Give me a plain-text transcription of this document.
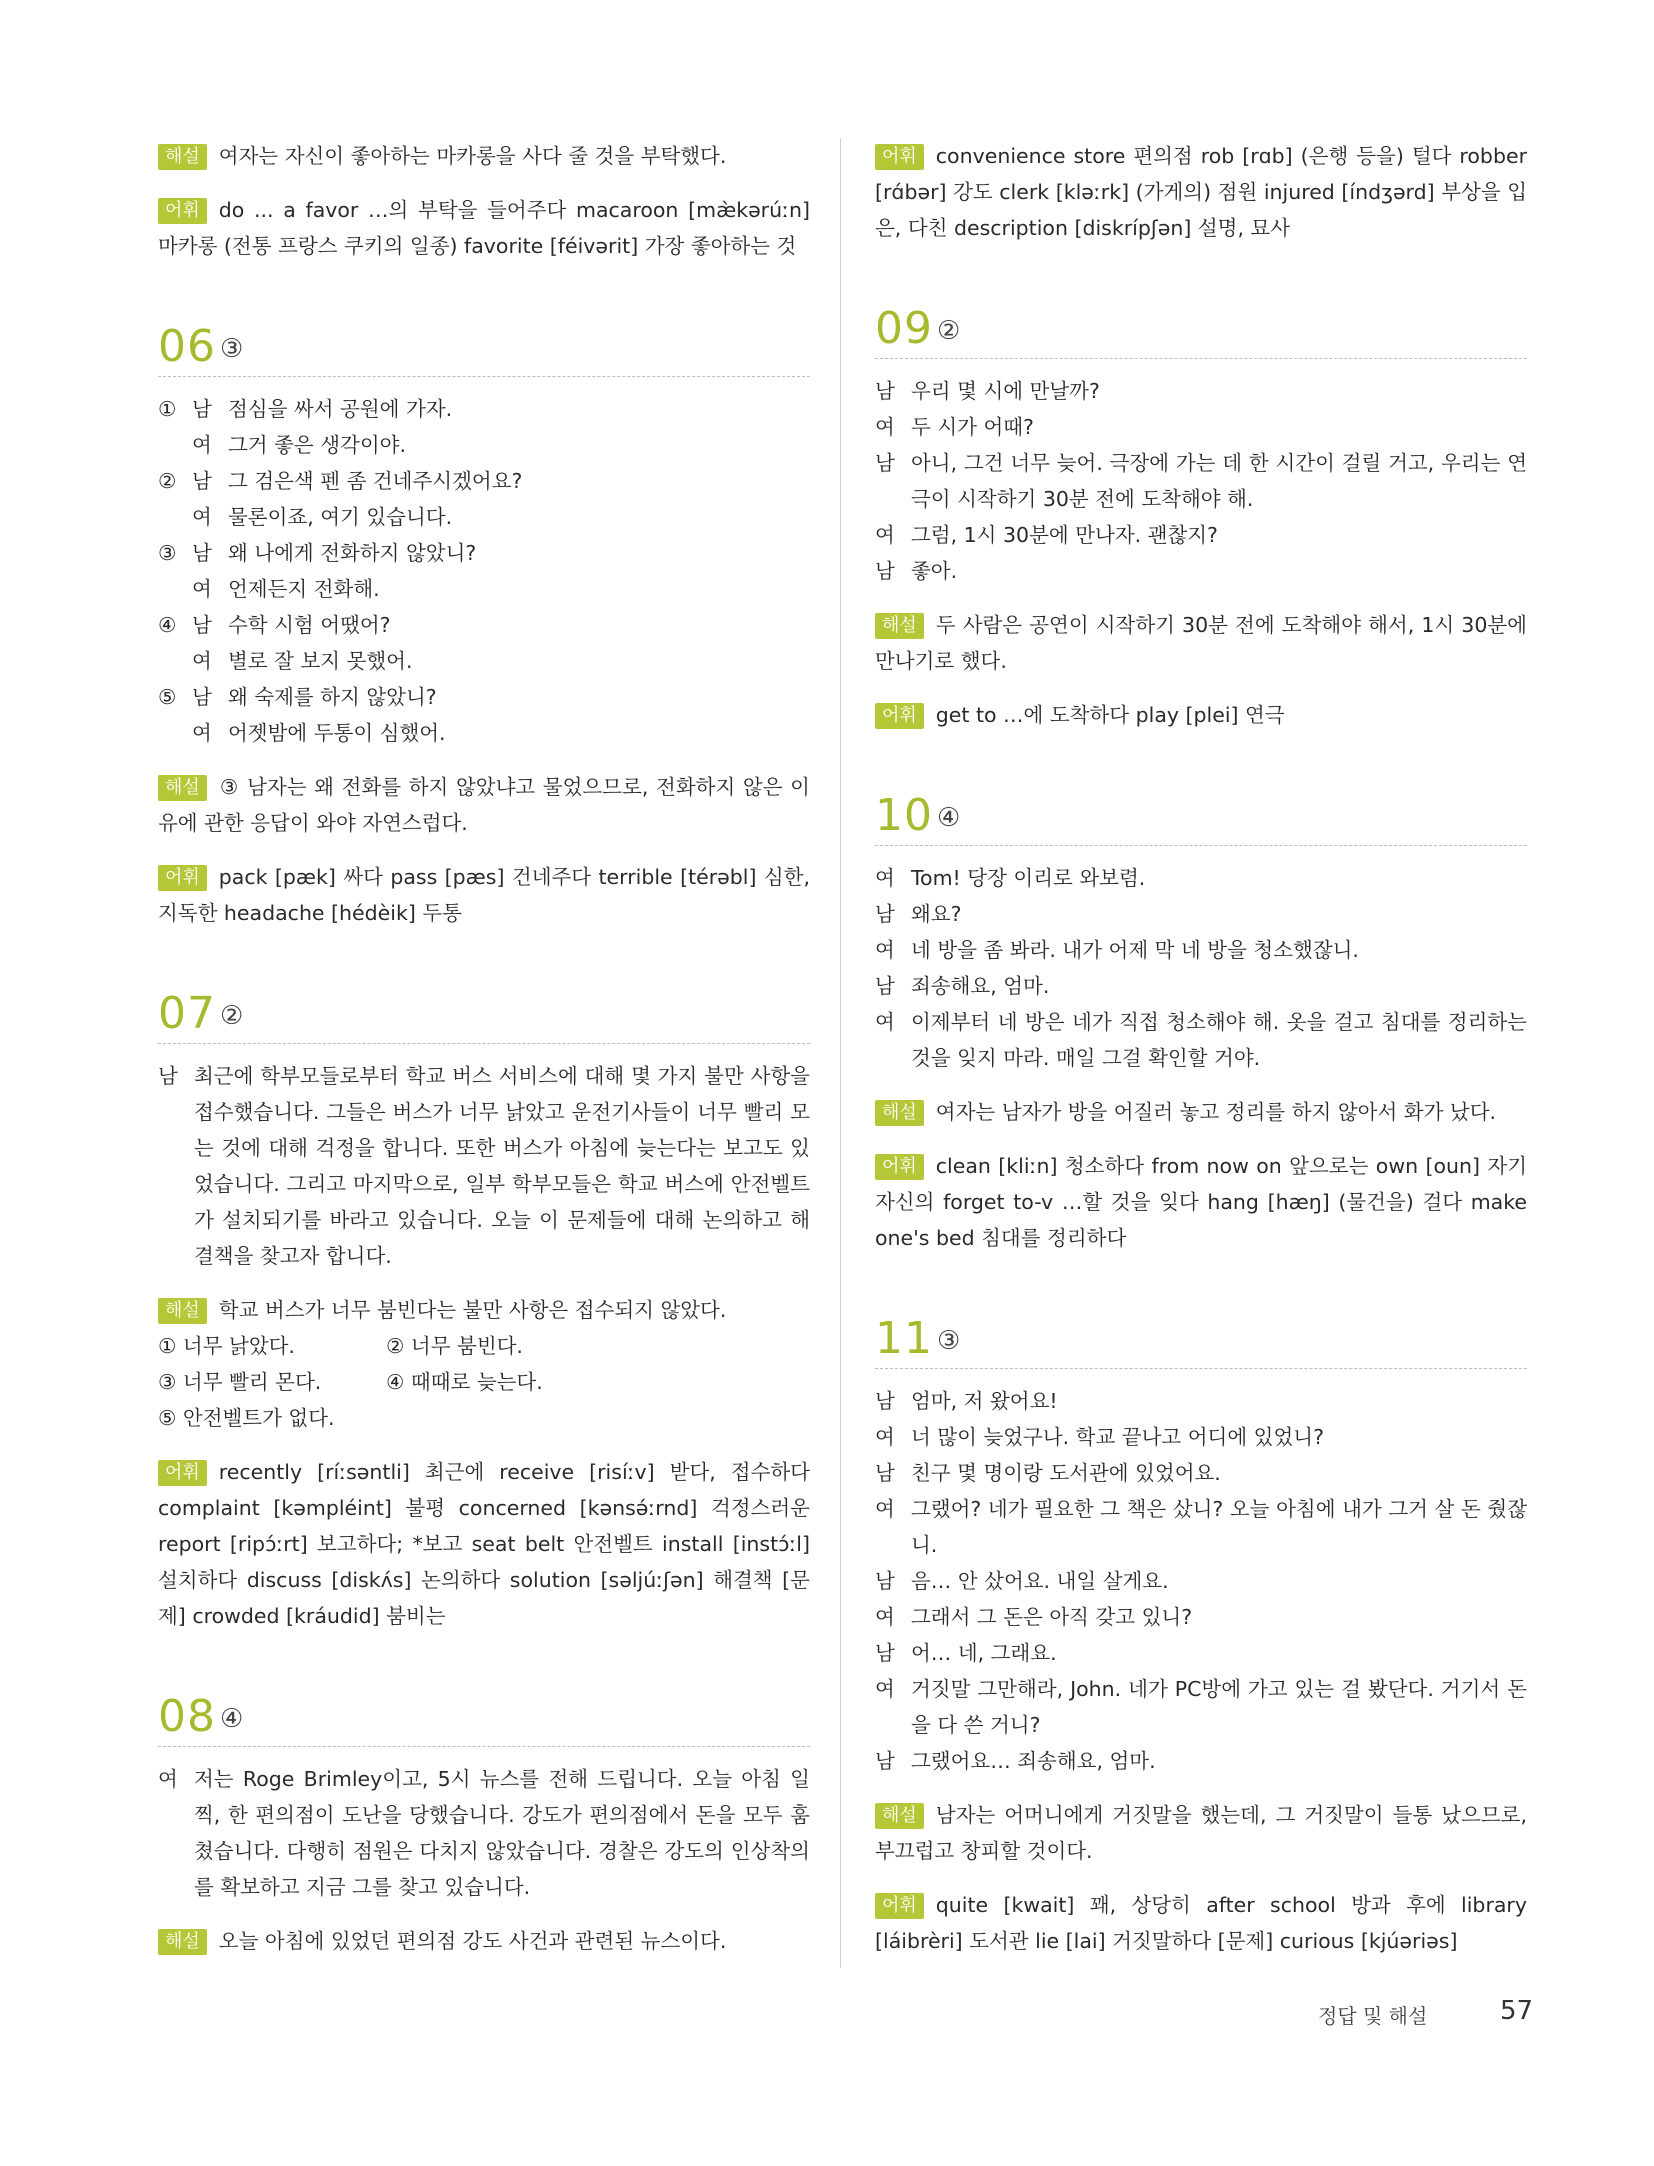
해설 여자는 자신이 좋아하는 마카롱을 사다 줄 것을 부탁했다.

어휘 do ... a favor …의 부탁을 들어주다 macaroon [mæ̀kərúːn] 마카롱 (전통 프랑스 쿠키의 일종) favorite [féivərit] 가장 좋아하는 것

06 ③
① 남 점심을 싸서 공원에 가자.
여 그거 좋은 생각이야.
② 남 그 검은색 펜 좀 건네주시겠어요?
여 물론이죠, 여기 있습니다.
③ 남 왜 나에게 전화하지 않았니?
여 언제든지 전화해.
④ 남 수학 시험 어땠어?
여 별로 잘 보지 못했어.
⑤ 남 왜 숙제를 하지 않았니?
여 어젯밤에 두통이 심했어.

해설 ③ 남자는 왜 전화를 하지 않았냐고 물었으므로, 전화하지 않은 이유에 관한 응답이 와야 자연스럽다.

어휘 pack [pæk] 싸다 pass [pæs] 건네주다 terrible [térəbl] 심한, 지독한 headache [hédèik] 두통

07 ②
남 최근에 학부모들로부터 학교 버스 서비스에 대해 몇 가지 불만 사항을 접수했습니다. 그들은 버스가 너무 낡았고 운전기사들이 너무 빨리 모는 것에 대해 걱정을 합니다. 또한 버스가 아침에 늦는다는 보고도 있었습니다. 그리고 마지막으로, 일부 학부모들은 학교 버스에 안전벨트가 설치되기를 바라고 있습니다. 오늘 이 문제들에 대해 논의하고 해결책을 찾고자 합니다.

해설 학교 버스가 너무 붐빈다는 불만 사항은 접수되지 않았다.

① 너무 낡았다.	② 너무 붐빈다.
③ 너무 빨리 몬다.	④ 때때로 늦는다.
⑤ 안전벨트가 없다.

어휘 recently [ríːsəntli] 최근에 receive [risíːv] 받다, 접수하다 complaint [kəmpléint] 불평 concerned [kənsə́ːrnd] 걱정스러운 report [ripɔ́ːrt] 보고하다; *보고 seat belt 안전벨트 install [instɔ́ːl] 설치하다 discuss [diskʌ́s] 논의하다 solution [səljúːʃən] 해결책 [문제] crowded [kráudid] 붐비는

08 ④
여 저는 Roge Brimley이고, 5시 뉴스를 전해 드립니다. 오늘 아침 일찍, 한 편의점이 도난을 당했습니다. 강도가 편의점에서 돈을 모두 훔쳤습니다. 다행히 점원은 다치지 않았습니다. 경찰은 강도의 인상착의를 확보하고 지금 그를 찾고 있습니다.

해설 오늘 아침에 있었던 편의점 강도 사건과 관련된 뉴스이다.

어휘 convenience store 편의점 rob [rɑb] (은행 등을) 털다 robber [rɑ́bər] 강도 clerk [kləːrk] (가게의) 점원 injured [índʒərd] 부상을 입은, 다친 description [diskrípʃən] 설명, 묘사

09 ②
남 우리 몇 시에 만날까?
여 두 시가 어때?
남 아니, 그건 너무 늦어. 극장에 가는 데 한 시간이 걸릴 거고, 우리는 연극이 시작하기 30분 전에 도착해야 해.
여 그럼, 1시 30분에 만나자. 괜찮지?
남 좋아.

해설 두 사람은 공연이 시작하기 30분 전에 도착해야 해서, 1시 30분에 만나기로 했다.

어휘 get to …에 도착하다 play [plei] 연극

10 ④
여 Tom! 당장 이리로 와보렴.
남 왜요?
여 네 방을 좀 봐라. 내가 어제 막 네 방을 청소했잖니.
남 죄송해요, 엄마.
여 이제부터 네 방은 네가 직접 청소해야 해. 옷을 걸고 침대를 정리하는 것을 잊지 마라. 매일 그걸 확인할 거야.

해설 여자는 남자가 방을 어질러 놓고 정리를 하지 않아서 화가 났다.

어휘 clean [kliːn] 청소하다 from now on 앞으로는 own [oun] 자기 자신의 forget to-v …할 것을 잊다 hang [hæŋ] (물건을) 걸다 make one's bed 침대를 정리하다

11 ③
남 엄마, 저 왔어요!
여 너 많이 늦었구나. 학교 끝나고 어디에 있었니?
남 친구 몇 명이랑 도서관에 있었어요.
여 그랬어? 네가 필요한 그 책은 샀니? 오늘 아침에 내가 그거 살 돈 줬잖니.
남 음… 안 샀어요. 내일 살게요.
여 그래서 그 돈은 아직 갖고 있니?
남 어… 네, 그래요.
여 거짓말 그만해라, John. 네가 PC방에 가고 있는 걸 봤단다. 거기서 돈을 다 쓴 거니?
남 그랬어요… 죄송해요, 엄마.

해설 남자는 어머니에게 거짓말을 했는데, 그 거짓말이 들통 났으므로, 부끄럽고 창피할 것이다.

어휘 quite [kwait] 꽤, 상당히 after school 방과 후에 library [láibrèri] 도서관 lie [lai] 거짓말하다 [문제] curious [kjúəriəs]

정답 및 해설	57
